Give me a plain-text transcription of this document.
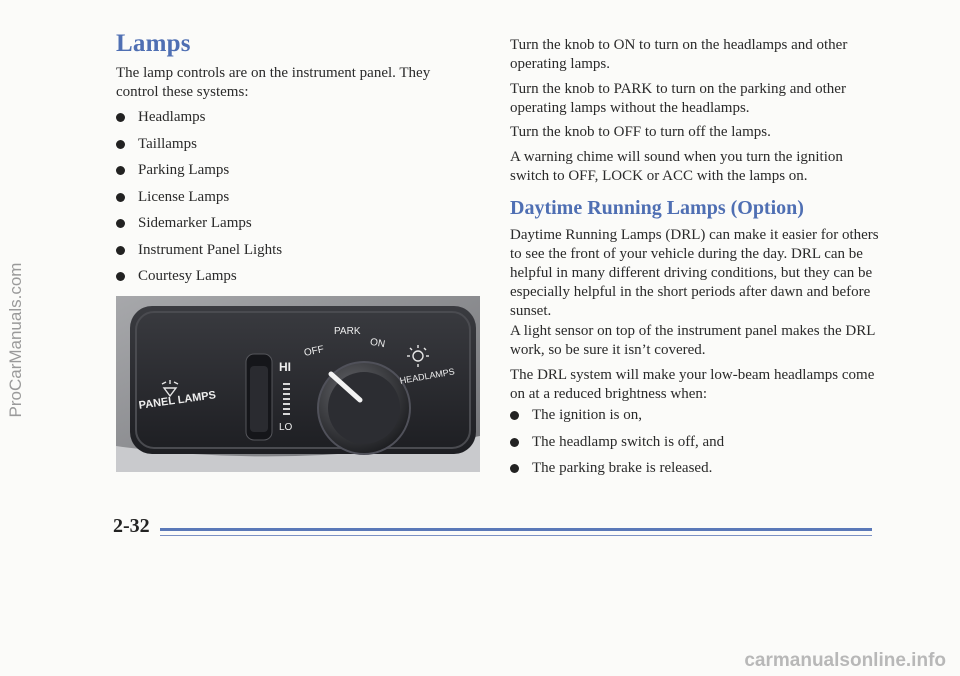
ProCarManuals.com
Lamps

The lamp controls are on the instrument panel. They control these systems:

Headlamps
Taillamps
Parking Lamps
License Lamps
Sidemarker Lamps
Instrument Panel Lights
Courtesy Lamps
PANEL LAMPS
HI
LO
OFF
PARK
ON
HEADLAMPS

Turn the knob to ON to turn on the headlamps and other operating lamps.

Turn the knob to PARK to turn on the parking and other operating lamps without the headlamps.

Turn the knob to OFF to turn off the lamps.

A warning chime will sound when you turn the ignition switch to OFF, LOCK or ACC with the lamps on.

Daytime Running Lamps (Option)

Daytime Running Lamps (DRL) can make it easier for others to see the front of your vehicle during the day. DRL can be helpful in many different driving conditions, but they can be especially helpful in the short periods after dawn and before sunset.

A light sensor on top of the instrument panel makes the DRL work, so be sure it isn’t covered.

The DRL system will make your low-beam headlamps come on at a reduced brightness when:

The ignition is on,
The headlamp switch is off, and
The parking brake is released.
2-32
carmanualsonline.info
